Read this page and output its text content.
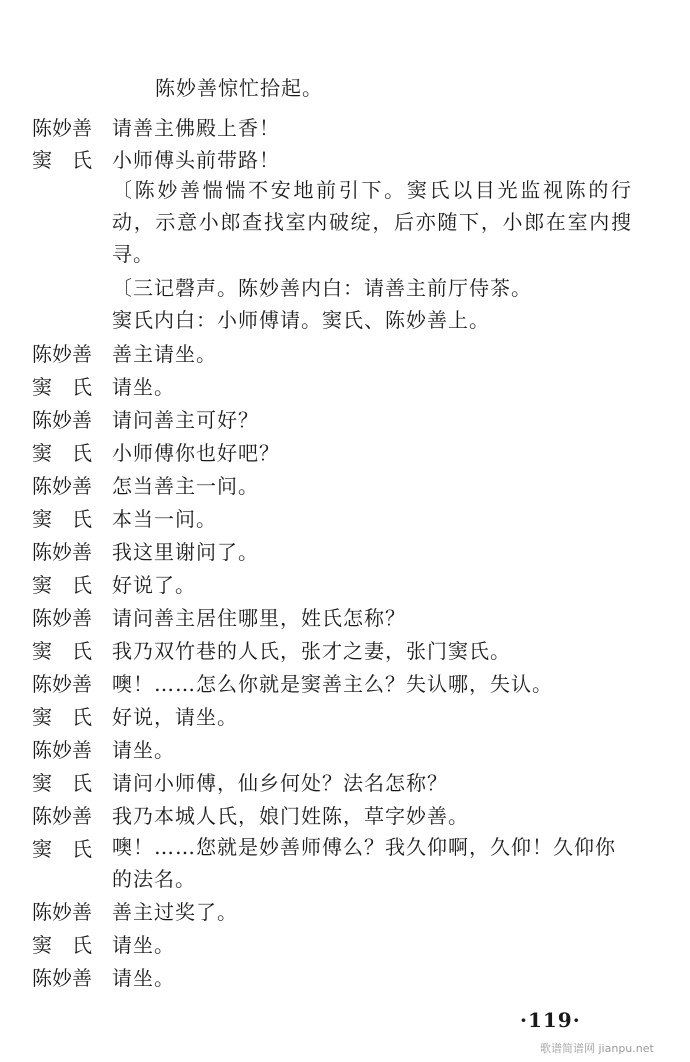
陈妙善惊忙拾起。
陈妙善	请善主佛殿上香！
窦　氏	小师傅头前带路！
〔陈妙善惴惴不安地前引下。窦氏以目光监视陈的行动，示意小郎查找室内破绽，后亦随下，小郎在室内搜寻。
〔三记磬声。陈妙善内白：请善主前厅侍茶。
窦氏内白：小师傅请。窦氏、陈妙善上。
陈妙善	善主请坐。
窦　氏	请坐。
陈妙善	请问善主可好？
窦　氏	小师傅你也好吧？
陈妙善	怎当善主一问。
窦　氏	本当一问。
陈妙善	我这里谢问了。
窦　氏	好说了。
陈妙善	请问善主居住哪里，姓氏怎称？
窦　氏	我乃双竹巷的人氏，张才之妻，张门窦氏。
陈妙善	噢！……怎么你就是窦善主么？失认哪，失认。
窦　氏	好说，请坐。
陈妙善	请坐。
窦　氏	请问小师傅，仙乡何处？法名怎称？
陈妙善	我乃本城人氏，娘门姓陈，草字妙善。
窦　氏	噢！……您就是妙善师傅么？我久仰啊，久仰！久仰你的法名。
陈妙善	善主过奖了。
窦　氏	请坐。
陈妙善	请坐。
·119·
歌谱简谱网 jianpu.net
